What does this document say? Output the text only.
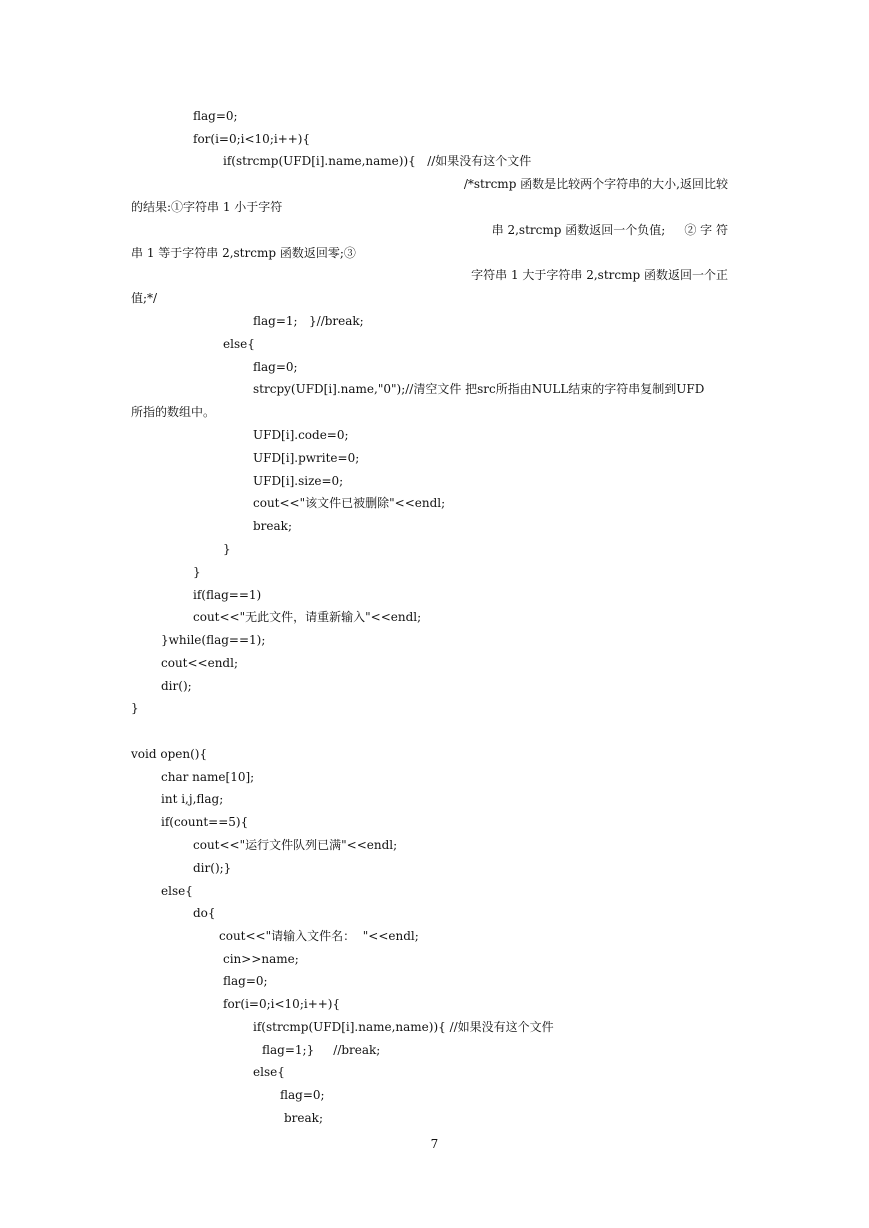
flag=0;
for(i=0;i<10;i++){
if(strcmp(UFD[i].name,name)){   //如果没有这个文件
/*strcmp 函数是比较两个字符串的大小,返回比较
的结果:①字符串 1 小于字符
串 2,strcmp 函数返回一个负值;     ② 字 符
串 1 等于字符串 2,strcmp 函数返回零;③
字符串 1 大于字符串 2,strcmp 函数返回一个正
值;*/
flag=1;   }//break;
else{
flag=0;
strcpy(UFD[i].name,"0");//清空文件 把src所指由NULL结束的字符串复制到UFD
所指的数组中。
UFD[i].code=0;
UFD[i].pwrite=0;
UFD[i].size=0;
cout<<"该文件已被删除"<<endl;
break;
}
}
if(flag==1)
cout<<"无此文件，请重新输入"<<endl;
}while(flag==1);
cout<<endl;
dir();
}
void open(){
char name[10];
int i,j,flag;
if(count==5){
cout<<"运行文件队列已满"<<endl;
dir();}
else{
do{
cout<<"请输入文件名：  "<<endl;
cin>>name;
flag=0;
for(i=0;i<10;i++){
if(strcmp(UFD[i].name,name)){ //如果没有这个文件
flag=1;}     //break;
else{
flag=0;
break;
7
